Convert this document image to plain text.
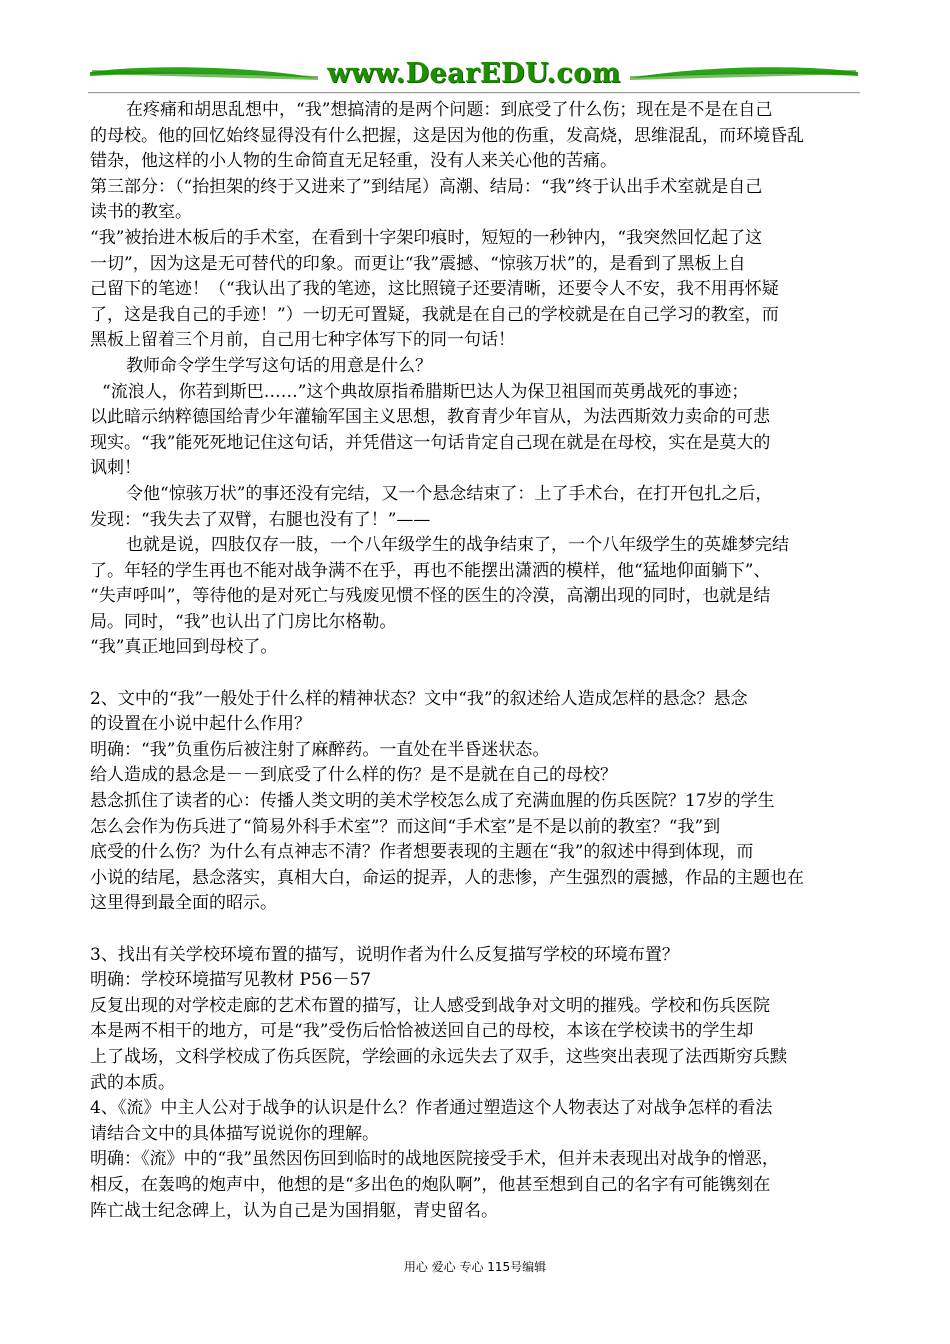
www.DearEDU.com
在疼痛和胡思乱想中，“我”想搞清的是两个问题：到底受了什么伤；现在是不是在自己
的母校。他的回忆始终显得没有什么把握，这是因为他的伤重，发高烧，思维混乱，而环境昏乱
错杂，他这样的小人物的生命简直无足轻重，没有人来关心他的苦痛。
第三部分：（“抬担架的终于又进来了”到结尾）高潮、结局：“我”终于认出手术室就是自己
读书的教室。
“我”被抬进木板后的手术室，在看到十字架印痕时，短短的一秒钟内，“我突然回忆起了这
一切”，因为这是无可替代的印象。而更让“我”震撼、“惊骇万状”的，是看到了黑板上自
己留下的笔迹！（“我认出了我的笔迹，这比照镜子还要清晰，还要令人不安，我不用再怀疑
了，这是我自己的手迹！”）一切无可置疑，我就是在自己的学校就是在自己学习的教室，而
黑板上留着三个月前，自己用七种字体写下的同一句话！
教师命令学生学写这句话的用意是什么？
“流浪人，你若到斯巴……”这个典故原指希腊斯巴达人为保卫祖国而英勇战死的事迹；
以此暗示纳粹德国给青少年灌输军国主义思想，教育青少年盲从，为法西斯效力卖命的可悲
现实。“我”能死死地记住这句话，并凭借这一句话肯定自己现在就是在母校，实在是莫大的
讽刺！
令他“惊骇万状”的事还没有完结，又一个悬念结束了：上了手术台，在打开包扎之后，
发现：“我失去了双臂，右腿也没有了！”——
也就是说，四肢仅存一肢，一个八年级学生的战争结束了，一个八年级学生的英雄梦完结
了。年轻的学生再也不能对战争满不在乎，再也不能摆出潇洒的模样，他“猛地仰面躺下”、
“失声呼叫”，等待他的是对死亡与残废见惯不怪的医生的冷漠，高潮出现的同时，也就是结
局。同时，“我”也认出了门房比尔格勒。
“我”真正地回到母校了。
2、文中的“我”一般处于什么样的精神状态？文中“我”的叙述给人造成怎样的悬念？悬念
的设置在小说中起什么作用？
明确：“我”负重伤后被注射了麻醉药。一直处在半昏迷状态。
给人造成的悬念是－－到底受了什么样的伤？是不是就在自己的母校？
悬念抓住了读者的心：传播人类文明的美术学校怎么成了充满血腥的伤兵医院？17岁的学生
怎么会作为伤兵进了“简易外科手术室”？而这间“手术室”是不是以前的教室？“我”到
底受的什么伤？为什么有点神志不清？作者想要表现的主题在“我”的叙述中得到体现，而
小说的结尾，悬念落实，真相大白，命运的捉弄，人的悲惨，产生强烈的震撼，作品的主题也在
这里得到最全面的昭示。
3、找出有关学校环境布置的描写，说明作者为什么反复描写学校的环境布置？
明确：学校环境描写见教材 P56－57
反复出现的对学校走廊的艺术布置的描写，让人感受到战争对文明的摧残。学校和伤兵医院
本是两不相干的地方，可是“我”受伤后恰恰被送回自己的母校，本该在学校读书的学生却
上了战场，文科学校成了伤兵医院，学绘画的永远失去了双手，这些突出表现了法西斯穷兵黩
武的本质。
4、《流》中主人公对于战争的认识是什么？作者通过塑造这个人物表达了对战争怎样的看法
请结合文中的具体描写说说你的理解。
明确：《流》中的“我”虽然因伤回到临时的战地医院接受手术，但并未表现出对战争的憎恶，
相反，在轰鸣的炮声中，他想的是“多出色的炮队啊”，他甚至想到自己的名字有可能镌刻在
阵亡战士纪念碑上，认为自己是为国捐躯，青史留名。
用心 爱心 专心 115号编辑
